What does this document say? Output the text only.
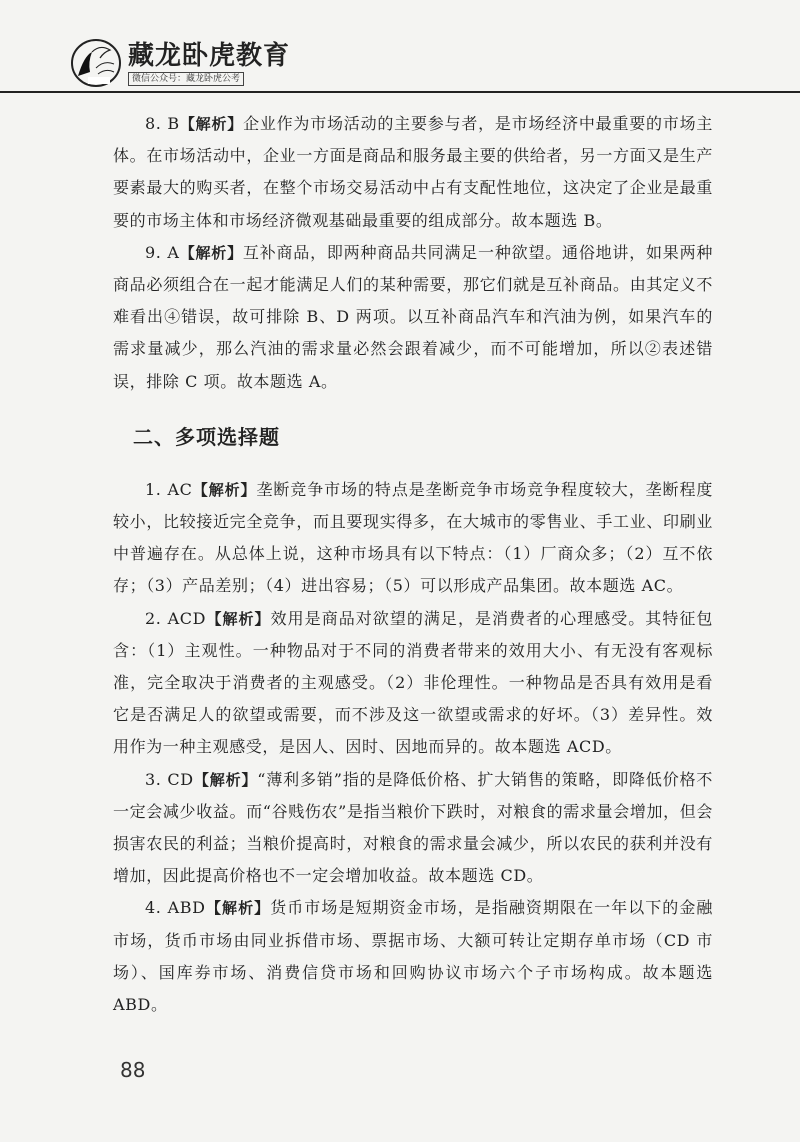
藏龙卧虎教育
微信公众号：藏龙卧虎公考

8. B【解析】企业作为市场活动的主要参与者，是市场经济中最重要的市场主体。在市场活动中，企业一方面是商品和服务最主要的供给者，另一方面又是生产要素最大的购买者，在整个市场交易活动中占有支配性地位，这决定了企业是最重要的市场主体和市场经济微观基础最重要的组成部分。故本题选 B。

9. A【解析】互补商品，即两种商品共同满足一种欲望。通俗地讲，如果两种商品必须组合在一起才能满足人们的某种需要，那它们就是互补商品。由其定义不难看出④错误，故可排除 B、D 两项。以互补商品汽车和汽油为例，如果汽车的需求量减少，那么汽油的需求量必然会跟着减少，而不可能增加，所以②表述错误，排除 C 项。故本题选 A。

二、多项选择题

1. AC【解析】垄断竞争市场的特点是垄断竞争市场竞争程度较大，垄断程度较小，比较接近完全竞争，而且要现实得多，在大城市的零售业、手工业、印刷业中普遍存在。从总体上说，这种市场具有以下特点：（1）厂商众多；（2）互不依存；（3）产品差别；（4）进出容易；（5）可以形成产品集团。故本题选 AC。

2. ACD【解析】效用是商品对欲望的满足，是消费者的心理感受。其特征包含：（1）主观性。一种物品对于不同的消费者带来的效用大小、有无没有客观标准，完全取决于消费者的主观感受。（2）非伦理性。一种物品是否具有效用是看它是否满足人的欲望或需要，而不涉及这一欲望或需求的好坏。（3）差异性。效用作为一种主观感受，是因人、因时、因地而异的。故本题选 ACD。

3. CD【解析】“薄利多销”指的是降低价格、扩大销售的策略，即降低价格不一定会减少收益。而“谷贱伤农”是指当粮价下跌时，对粮食的需求量会增加，但会损害农民的利益；当粮价提高时，对粮食的需求量会减少，所以农民的获利并没有增加，因此提高价格也不一定会增加收益。故本题选 CD。

4. ABD【解析】货币市场是短期资金市场，是指融资期限在一年以下的金融市场，货币市场由同业拆借市场、票据市场、大额可转让定期存单市场（CD 市场）、国库券市场、消费信贷市场和回购协议市场六个子市场构成。故本题选 ABD。

88
